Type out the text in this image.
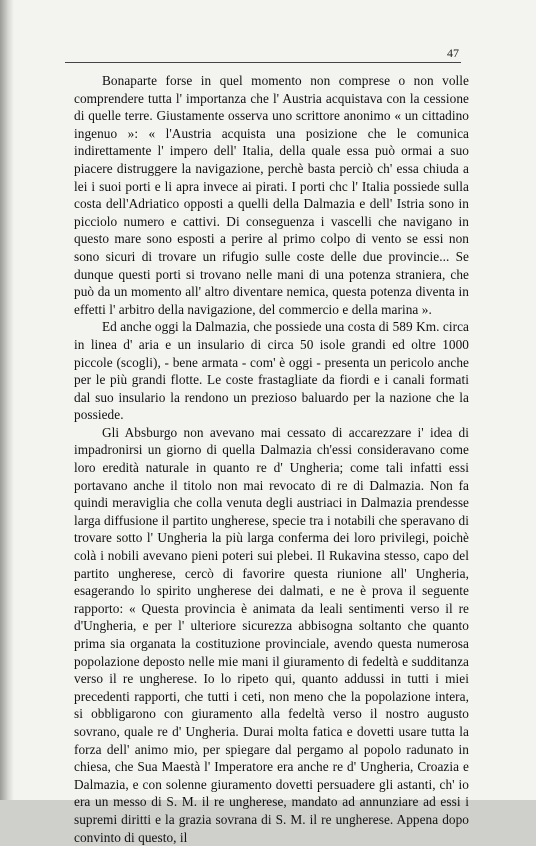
47

Bonaparte forse in quel momento non comprese o non volle comprendere tutta l' importanza che l' Austria acquistava con la cessione di quelle terre. Giustamente osserva uno scrittore anonimo « un cittadino ingenuo »: « l'Austria acquista una posizione che le comunica indirettamente l' impero dell' Italia, della quale essa può ormai a suo piacere distruggere la navigazione, perchè basta perciò ch' essa chiuda a lei i suoi porti e li apra invece ai pirati. I porti chc l' Italia possiede sulla costa dell'Adriatico opposti a quelli della Dalmazia e dell' Istria sono in picciolo numero e cattivi. Di conseguenza i vascelli che navigano in questo mare sono esposti a perire al primo colpo di vento se essi non sono sicuri di trovare un rifugio sulle coste delle due provincie... Se dunque questi porti si trovano nelle mani di una potenza straniera, che può da un momento all' altro diventare nemica, questa potenza diventa in effetti l' arbitro della navigazione, del commercio e della marina ».

Ed anche oggi la Dalmazia, che possiede una costa di 589 Km. circa in linea d' aria e un insulario di circa 50 isole grandi ed oltre 1000 piccole (scogli), - bene armata - com' è oggi - presenta un pericolo anche per le più grandi flotte. Le coste frastagliate da fiordi e i canali formati dal suo insulario la rendono un prezioso baluardo per la nazione che la possiede.

Gli Absburgo non avevano mai cessato di accarezzare i' idea di impadronirsi un giorno di quella Dalmazia ch'essi consideravano come loro eredità naturale in quanto re d' Ungheria; come tali infatti essi portavano anche il titolo non mai revocato di re di Dalmazia. Non fa quindi meraviglia che colla venuta degli austriaci in Dalmazia prendesse larga diffusione il partito ungherese, specie tra i notabili che speravano di trovare sotto l' Ungheria la più larga conferma dei loro privilegi, poichè colà i nobili avevano pieni poteri sui plebei. Il Rukavina stesso, capo del partito ungherese, cercò di favorire questa riunione all' Ungheria, esagerando lo spirito ungherese dei dalmati, e ne è prova il seguente rapporto: « Questa provincia è animata da leali sentimenti verso il re d'Ungheria, e per l' ulteriore sicurezza abbisogna soltanto che quanto prima sia organata la costituzione provinciale, avendo questa numerosa popolazione deposto nelle mie mani il giuramento di fedeltà e sudditanza verso il re ungherese. Io lo ripeto qui, quanto addussi in tutti i miei precedenti rapporti, che tutti i ceti, non meno che la popolazione intera, si obbligarono con giuramento alla fedeltà verso il nostro augusto sovrano, quale re d' Ungheria. Durai molta fatica e dovetti usare tutta la forza dell' animo mio, per spiegare dal pergamo al popolo radunato in chiesa, che Sua Maestà l' Imperatore era anche re d' Ungheria, Croazia e Dalmazia, e con solenne giuramento dovetti persuadere gli astanti, ch' io era un messo di S. M. il re ungherese, mandato ad annunziare ad essi i supremi diritti e la grazia sovrana di S. M. il re ungherese. Appena dopo convinto di questo, il
